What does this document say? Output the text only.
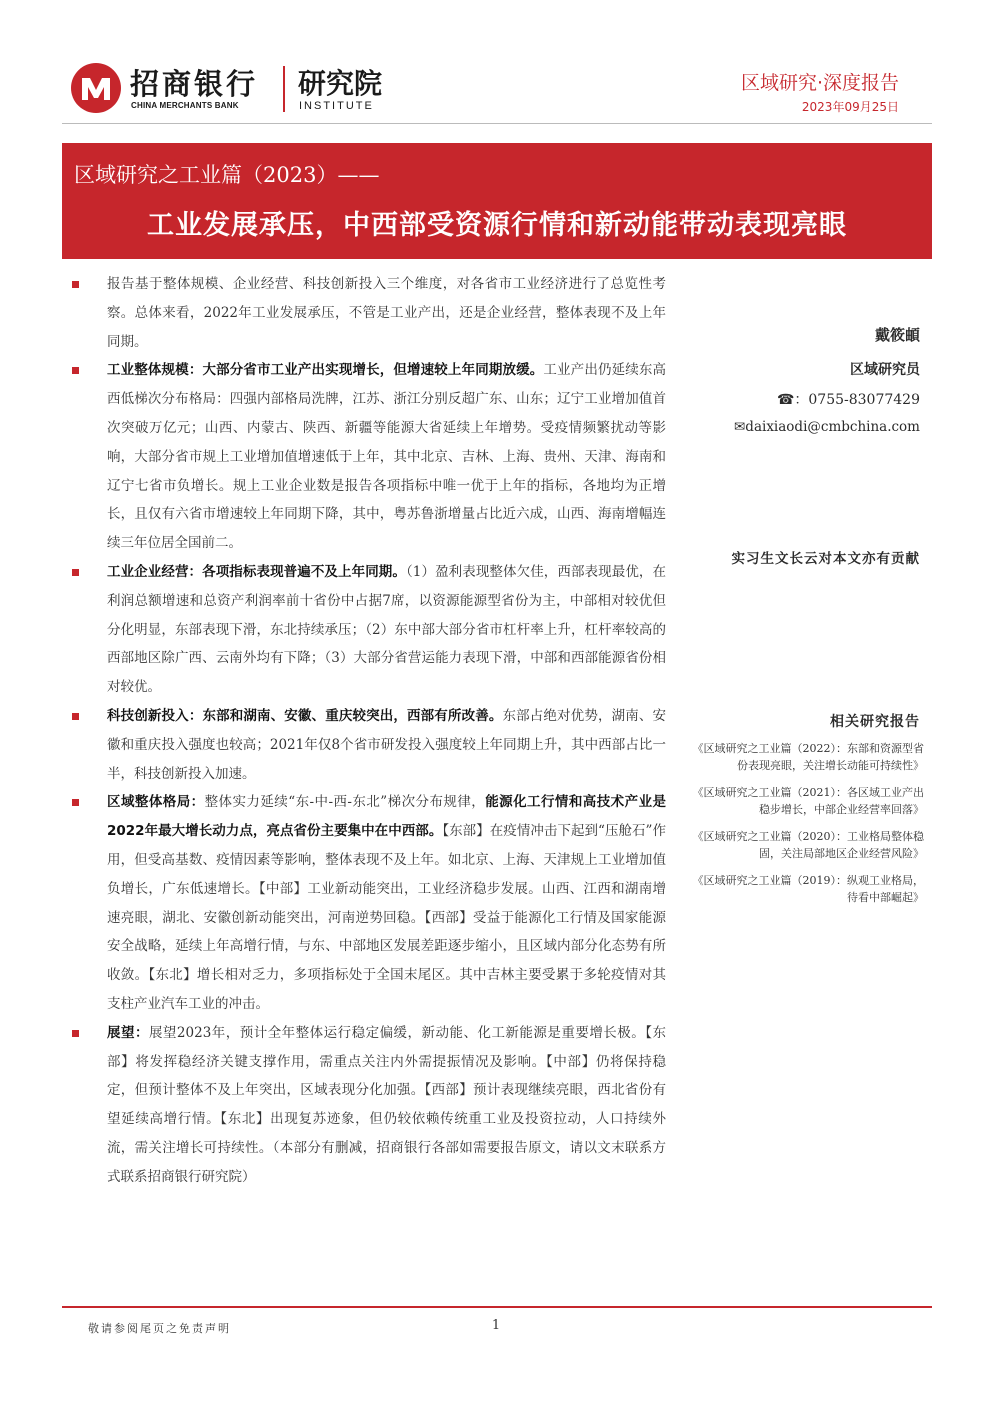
招商银行
CHINA MERCHANTS BANK
研究院
INSTITUTE
区域研究·深度报告
2023年09月25日
区域研究之工业篇（2023）——
工业发展承压，中西部受资源行情和新动能带动表现亮眼
报告基于整体规模、企业经营、科技创新投入三个维度，对各省市工业经济进行了总览性考察。总体来看，2022年工业发展承压，不管是工业产出，还是企业经营，整体表现不及上年同期。
工业整体规模：大部分省市工业产出实现增长，但增速较上年同期放缓。工业产出仍延续东高西低梯次分布格局：四强内部格局洗牌，江苏、浙江分别反超广东、山东；辽宁工业增加值首次突破万亿元；山西、内蒙古、陕西、新疆等能源大省延续上年增势。受疫情频繁扰动等影响，大部分省市规上工业增加值增速低于上年，其中北京、吉林、上海、贵州、天津、海南和辽宁七省市负增长。规上工业企业数是报告各项指标中唯一优于上年的指标，各地均为正增长，且仅有六省市增速较上年同期下降，其中，粤苏鲁浙增量占比近六成，山西、海南增幅连续三年位居全国前二。
工业企业经营：各项指标表现普遍不及上年同期。（1）盈利表现整体欠佳，西部表现最优，在利润总额增速和总资产利润率前十省份中占据7席，以资源能源型省份为主，中部相对较优但分化明显，东部表现下滑，东北持续承压；（2）东中部大部分省市杠杆率上升，杠杆率较高的西部地区除广西、云南外均有下降；（3）大部分省营运能力表现下滑，中部和西部能源省份相对较优。
科技创新投入：东部和湖南、安徽、重庆较突出，西部有所改善。东部占绝对优势，湖南、安徽和重庆投入强度也较高；2021年仅8个省市研发投入强度较上年同期上升，其中西部占比一半，科技创新投入加速。
区域整体格局：整体实力延续“东-中-西-东北”梯次分布规律，能源化工行情和高技术产业是2022年最大增长动力点，亮点省份主要集中在中西部。【东部】在疫情冲击下起到“压舱石”作用，但受高基数、疫情因素等影响，整体表现不及上年。如北京、上海、天津规上工业增加值负增长，广东低速增长。【中部】工业新动能突出，工业经济稳步发展。山西、江西和湖南增速亮眼，湖北、安徽创新动能突出，河南逆势回稳。【西部】受益于能源化工行情及国家能源安全战略，延续上年高增行情，与东、中部地区发展差距逐步缩小，且区域内部分化态势有所收敛。【东北】增长相对乏力，多项指标处于全国末尾区。其中吉林主要受累于多轮疫情对其支柱产业汽车工业的冲击。
展望：展望2023年，预计全年整体运行稳定偏缓，新动能、化工新能源是重要增长极。【东部】将发挥稳经济关键支撑作用，需重点关注内外需提振情况及影响。【中部】仍将保持稳定，但预计整体不及上年突出，区域表现分化加强。【西部】预计表现继续亮眼，西北省份有望延续高增行情。【东北】出现复苏迹象，但仍较依赖传统重工业及投资拉动，人口持续外流，需关注增长可持续性。（本部分有删减，招商银行各部如需要报告原文，请以文末联系方式联系招商银行研究院）
戴筱頔
区域研究员
☎：0755-83077429
✉daixiaodi@cmbchina.com
实习生文长云对本文亦有贡献
相关研究报告
《区域研究之工业篇（2022）：东部和资源型省份表现亮眼，关注增长动能可持续性》
《区域研究之工业篇（2021）：各区域工业产出稳步增长，中部企业经营率回落》
《区域研究之工业篇（2020）：工业格局整体稳固，关注局部地区企业经营风险》
《区域研究之工业篇（2019）：纵观工业格局，待看中部崛起》
敬请参阅尾页之免责声明	1
